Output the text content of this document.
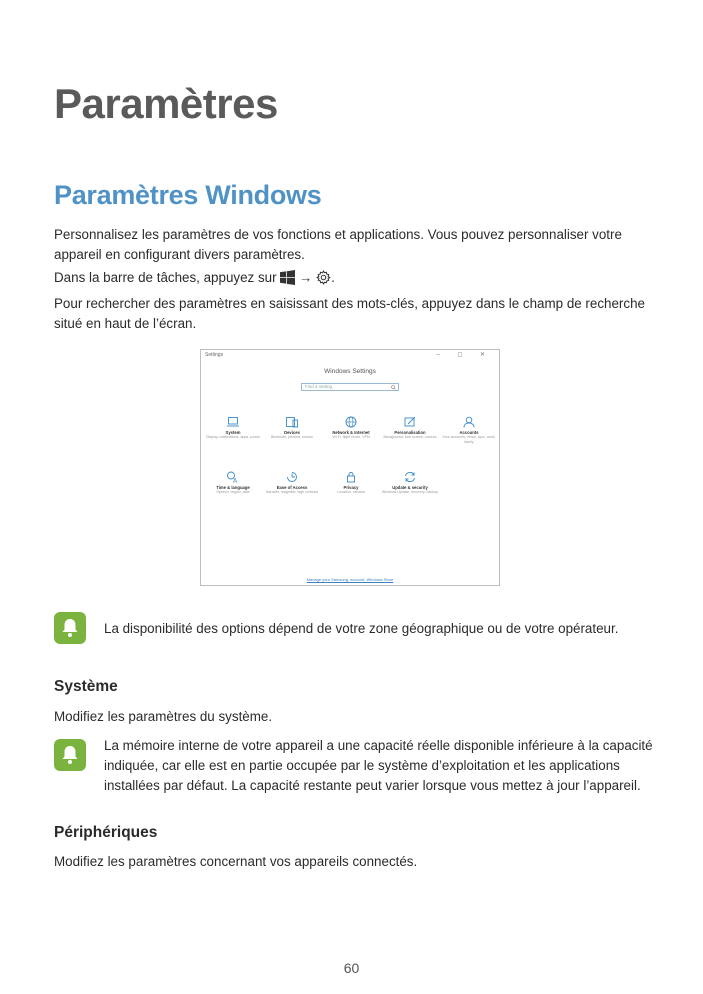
Paramètres
Paramètres Windows
Personnalisez les paramètres de vos fonctions et applications. Vous pouvez personnaliser votre appareil en configurant divers paramètres.
Dans la barre de tâches, appuyez sur → .
Pour rechercher des paramètres en saisissant des mots-clés, appuyez dans le champ de recherche situé en haut de l’écran.
Settings	– ◻ ✕
Windows Settings
Find a setting
System
Display, notifications, apps, power
Devices
Bluetooth, printers, mouse
Network & Internet
Wi-Fi, flight mode, VPN
Personalisation
Background, lock screen, colours
Accounts
Your accounts, email, sync, work, family
A
Time & language
Speech, region, date
Ease of Access
Narrator, magnifier, high contrast
Privacy
Location, camera
Update & security
Windows Update, recovery, backup
Manage your Samsung, account, Windows Store
La disponibilité des options dépend de votre zone géographique ou de votre opérateur.
Système
Modifiez les paramètres du système.
La mémoire interne de votre appareil a une capacité réelle disponible inférieure à la capacité indiquée, car elle est en partie occupée par le système d’exploitation et les applications installées par défaut. La capacité restante peut varier lorsque vous mettez à jour l’appareil.
Périphériques
Modifiez les paramètres concernant vos appareils connectés.
60
